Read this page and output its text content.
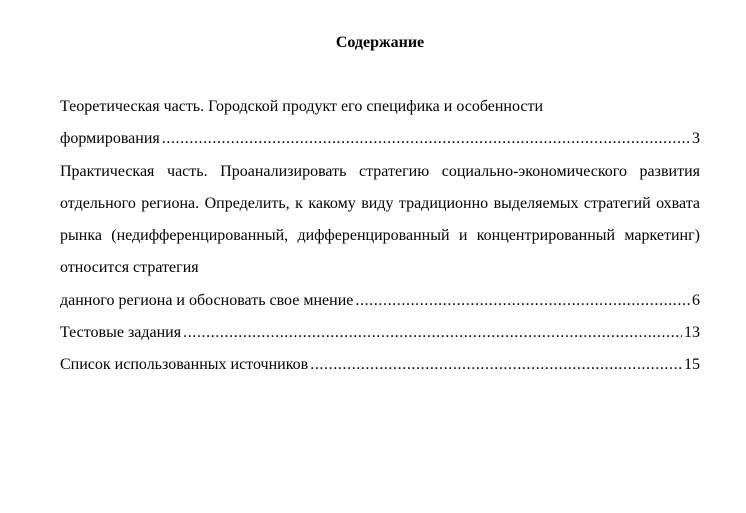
Содержание
Теоретическая часть. Городской продукт его специфика и особенности
формирования .....	3
Практическая часть. Проанализировать стратегию социально-экономического развития отдельного региона. Определить, к какому виду традиционно выделяемых стратегий охвата рынка (недифференцированный, дифференцированный и концентрированный маркетинг) относится стратегия
данного региона и обосновать свое мнение .....	6
Тестовые задания .....	13
Список использованных источников .....	15
